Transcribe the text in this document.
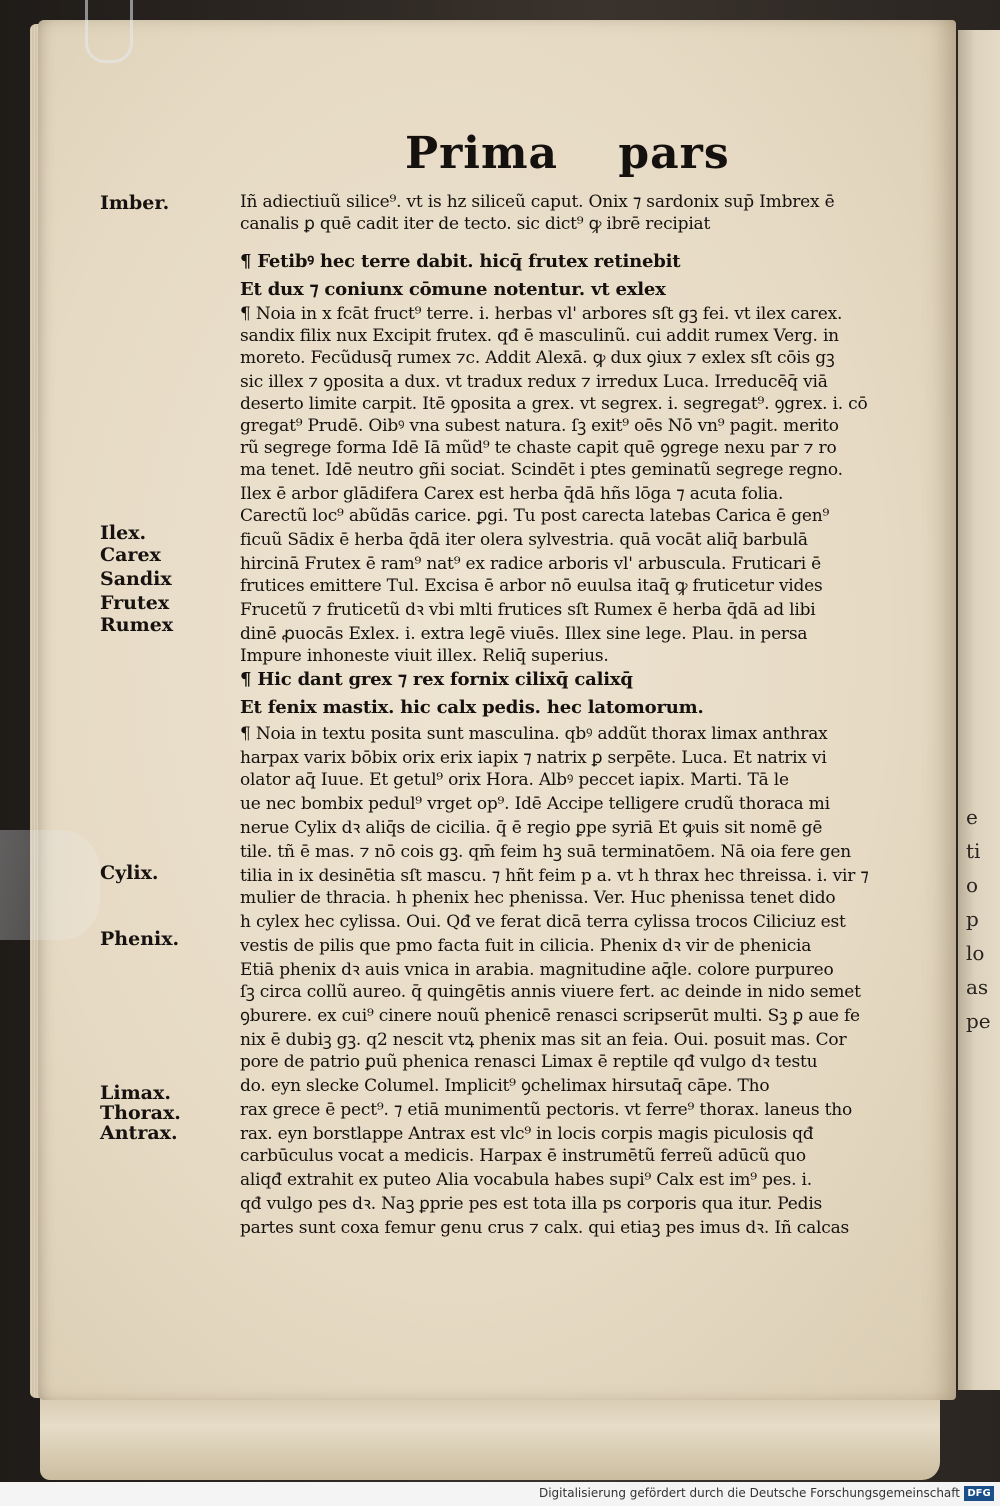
e
ti
o
p
lo
as
pe
Prima pars
Imber.
Ilex.
Carex
Sandix
Frutex
Rumex
Cylix.
Phenix.
Limax.
Thorax.
Antrax.
Iñ adiectiuũ silice⁹. vt is hz siliceũ caput. Onix ⁊ sardonix sup̄ Imbrex ē
canalis ꝑ quē cadit iter de tecto. sic dict⁹ ꝙ ibrē recipiat
¶ Fetibꝰ hec terre dabit. hicq̄ frutex retinebit
Et dux ⁊ coniunx cōmune notentur. vt exlex
¶ Noia in x fcāt fruct⁹ terre. i. herbas vl' arbores sſt gꝫ fei. vt ilex carex.
sandix filix nux Excipit frutex. qđ ē masculinũ. cui addit rumex Verg. in
moreto. Fecũdusq̄ rumex ⁊c. Addit Alexā. ꝙ dux ꝯiux ⁊ exlex sſt cōis gꝫ
sic illex ⁊ ꝯposita a dux. vt tradux redux ⁊ irredux Luca. Irreducēq̄ viā
deserto limite carpit. Itē ꝯposita a grex. vt segrex. i. segregat⁹. ꝯgrex. i. cō
gregat⁹ Prudē. Oibꝰ vna subest natura. ſꝫ exit⁹ oēs Nō vn⁹ pagit. merito
rũ segrege forma Idē Iā mũd⁹ te chaste capit quē ꝯgrege nexu par ⁊ ro
ma tenet. Idē neutro gñi sociat. Scindēt i ptes geminatũ segrege regno.
Ilex ē arbor glādifera Carex est herba q̄dā hñs lōga ⁊ acuta folia.
Carectũ loc⁹ abũdās carice. ꝑgi. Tu post carecta latebas Carica ē gen⁹
ficuũ Sādix ē herba q̄dā iter olera sylvestria. quā vocāt aliq̄ barbulā
hircinā Frutex ē ram⁹ nat⁹ ex radice arboris vl' arbuscula. Fruticari ē
frutices emittere Tul. Excisa ē arbor nō euulsa itaq̄ ꝙ fruticetur vides
Frucetũ ⁊ fruticetũ dꝛ vbi mlti frutices sſt Rumex ē herba q̄dā ad libi
dinē ꝓuocās Exlex. i. extra legē viuēs. Illex sine lege. Plau. in persa
Impure inhoneste viuit illex. Reliq̄ superius.
¶ Hic dant grex ⁊ rex fornix cilixq̄ calixq̄
Et fenix mastix. hic calx pedis. hec latomorum.
¶ Noia in textu posita sunt masculina. qbꝰ addũt thorax limax anthrax
harpax varix bōbix orix erix iapix ⁊ natrix ꝑ serpēte. Luca. Et natrix vi
olator aq̄ Iuue. Et getul⁹ orix Hora. Albꝰ peccet iapix. Marti. Tā le
ue nec bombix pedul⁹ vrget op⁹. Idē Accipe telligere crudũ thoraca mi
nerue Cylix dꝛ aliq̄s de cicilia. q̄ ē regio ꝑpe syriā Et ꝙuis sit nomē gē
tile. tñ ē mas. ⁊ nō cois gꝫ. qm̄ feim hꝫ suā terminatōem. Nā oia fere gen
tilia in ix desinētia sſt mascu. ⁊ hñt feim p a. vt h thrax hec threissa. i. vir ⁊
mulier de thracia. h phenix hec phenissa. Ver. Huc phenissa tenet dido
h cylex hec cylissa. Oui. Qđ ve ferat dicā terra cylissa trocos Ciliciuz est
vestis de pilis que pmo facta fuit in cilicia. Phenix dꝛ vir de phenicia
Etiā phenix dꝛ auis vnica in arabia. magnitudine aq̄le. colore purpureo
ſꝫ circa collũ aureo. q̄ quingētis annis viuere fert. ac deinde in nido semet
ꝯburere. ex cui⁹ cinere nouũ phenicē renasci scripserūt multi. Sꝫ ꝑ aue fe
nix ē dubiꝫ gꝫ. q2 nescit vtꝝ phenix mas sit an feia. Oui. posuit mas. Cor
pore de patrio ꝑuũ phenica renasci Limax ē reptile qđ vulgo dꝛ testu
do. eyn slecke Columel. Implicit⁹ ꝯchelimax hirsutaq̄ cāpe. Tho
rax grece ē pect⁹. ⁊ etiā munimentũ pectoris. vt ferre⁹ thorax. laneus tho
rax. eyn borstlappe Antrax est vlc⁹ in locis corpis magis piculosis qđ
carbūculus vocat a medicis. Harpax ē instrumētũ ferreũ adūcũ quo
aliqđ extrahit ex puteo Alia vocabula habes supi⁹ Calx est im⁹ pes. i.
qđ vulgo pes dꝛ. Naꝫ ꝑprie pes est tota illa ps corporis qua itur. Pedis
partes sunt coxa femur genu crus ⁊ calx. qui etiaꝫ pes imus dꝛ. Iñ calcas
Digitalisierung gefördert durch die Deutsche Forschungsgemeinschaft DFG
